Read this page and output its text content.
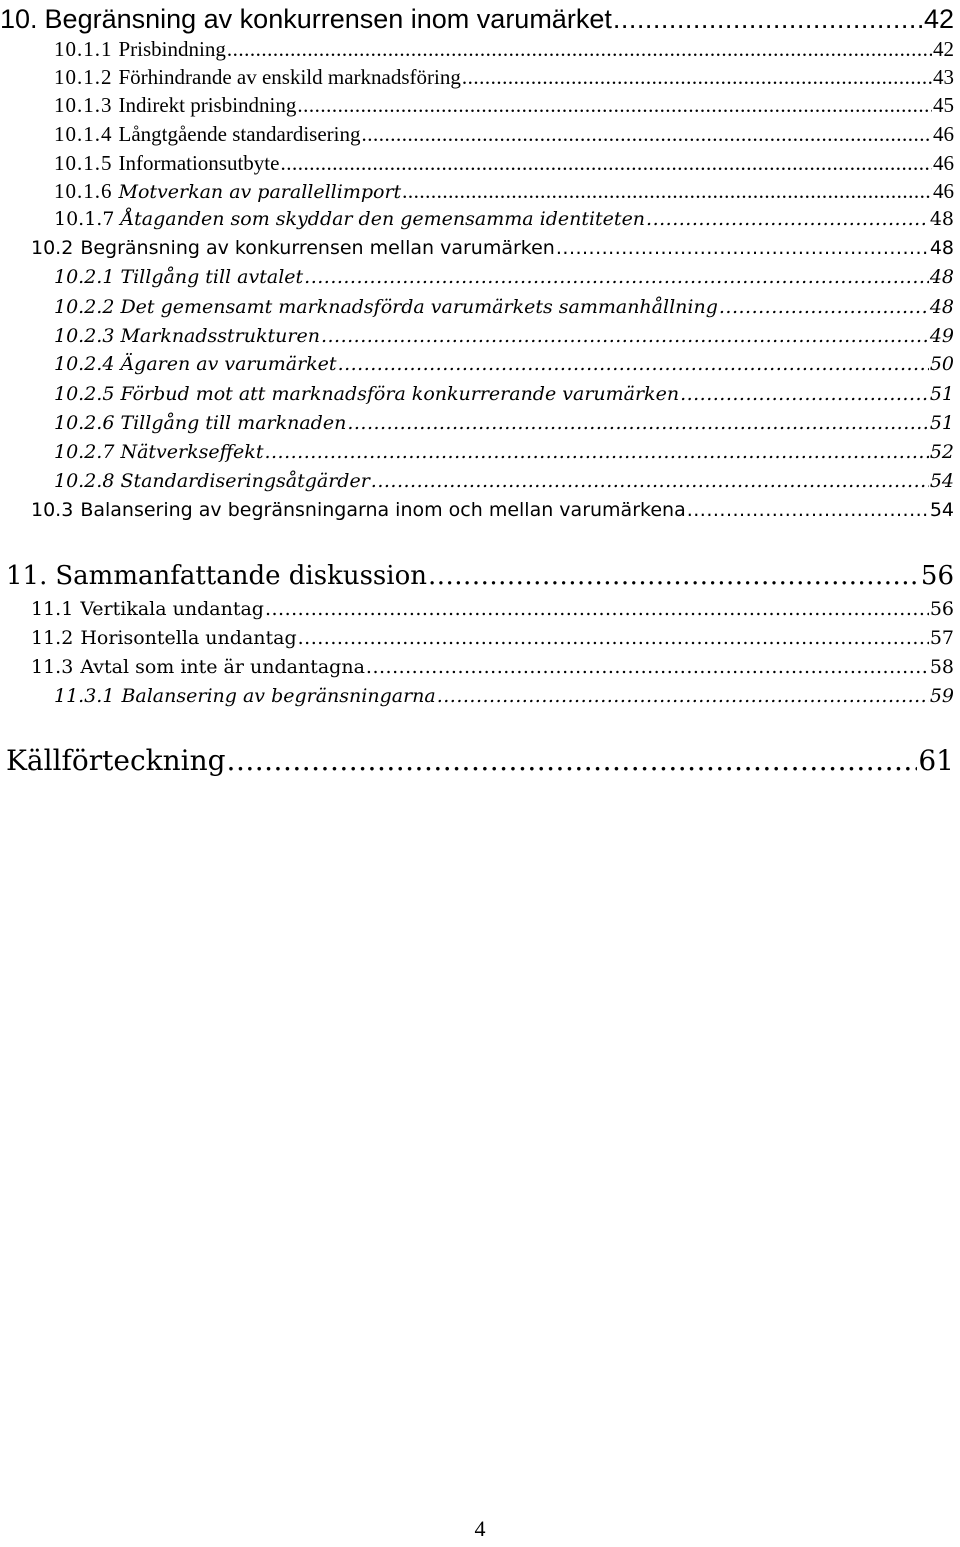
10. Begränsning av konkurrensen inom varumärket .....	42
10.1.1 Prisbindning .....	42
10.1.2 Förhindrande av enskild marknadsföring .....	43
10.1.3 Indirekt prisbindning .....	45
10.1.4 Långtgående standardisering .....	46
10.1.5 Informationsutbyte .....	46
10.1.6 Motverkan av parallellimport .....	46
10.1.7 Åtaganden som skyddar den gemensamma identiteten .....	48
10.2 Begränsning av konkurrensen mellan varumärken .....	48
10.2.1 Tillgång till avtalet .....	48
10.2.2 Det gemensamt marknadsförda varumärkets sammanhållning .....	48
10.2.3 Marknadsstrukturen .....	49
10.2.4 Ägaren av varumärket .....	50
10.2.5 Förbud mot att marknadsföra konkurrerande varumärken .....	51
10.2.6 Tillgång till marknaden .....	51
10.2.7 Nätverkseffekt .....	52
10.2.8 Standardiseringsåtgärder .....	54
10.3 Balansering av begränsningarna inom och mellan varumärkena .....	54
11. Sammanfattande diskussion .....	56
11.1 Vertikala undantag .....	56
11.2 Horisontella undantag .....	57
11.3 Avtal som inte är undantagna .....	58
11.3.1 Balansering av begränsningarna .....	59
Källförteckning .....	61
4
